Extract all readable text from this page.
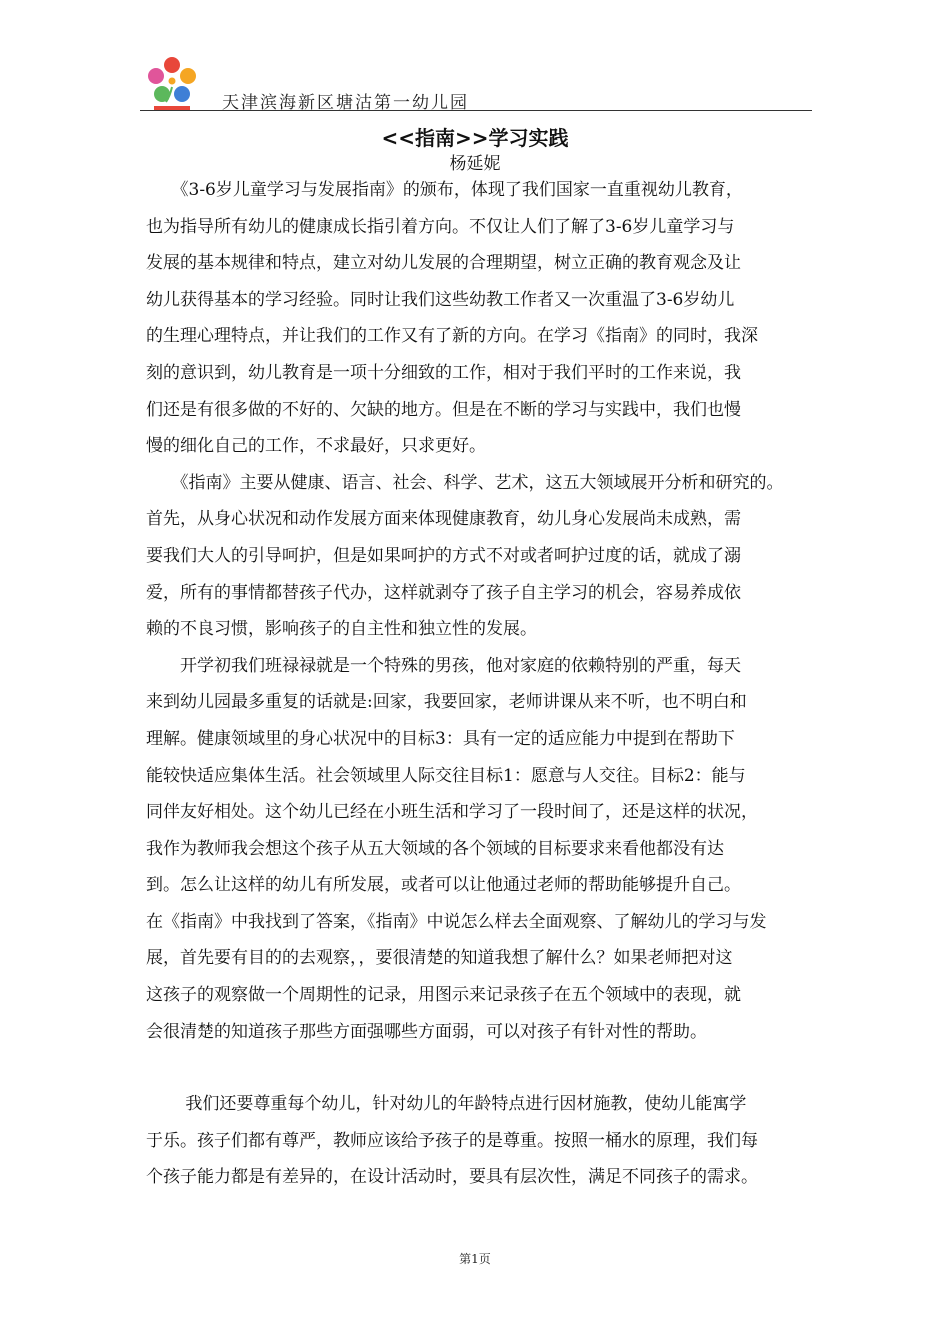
天津滨海新区塘沽第一幼儿园
<<指南>>学习实践
杨延妮
　　《3-6岁儿童学习与发展指南》的颁布，体现了我们国家一直重视幼儿教育，
也为指导所有幼儿的健康成长指引着方向。不仅让人们了解了3-6岁儿童学习与
发展的基本规律和特点，建立对幼儿发展的合理期望，树立正确的教育观念及让
幼儿获得基本的学习经验。同时让我们这些幼教工作者又一次重温了3-6岁幼儿
的生理心理特点，并让我们的工作又有了新的方向。在学习《指南》的同时，我深
刻的意识到，幼儿教育是一项十分细致的工作，相对于我们平时的工作来说，我
们还是有很多做的不好的、欠缺的地方。但是在不断的学习与实践中，我们也慢
慢的细化自己的工作，不求最好，只求更好。
　　《指南》主要从健康、语言、社会、科学、艺术，这五大领域展开分析和研究的。
首先，从身心状况和动作发展方面来体现健康教育，幼儿身心发展尚未成熟，需
要我们大人的引导呵护，但是如果呵护的方式不对或者呵护过度的话，就成了溺
爱，所有的事情都替孩子代办，这样就剥夺了孩子自主学习的机会，容易养成依
赖的不良习惯，影响孩子的自主性和独立性的发展。
　　开学初我们班禄禄就是一个特殊的男孩，他对家庭的依赖特别的严重，每天
来到幼儿园最多重复的话就是:回家，我要回家，老师讲课从来不听，也不明白和
理解。健康领域里的身心状况中的目标3：具有一定的适应能力中提到在帮助下
能较快适应集体生活。社会领域里人际交往目标1：愿意与人交往。目标2：能与
同伴友好相处。这个幼儿已经在小班生活和学习了一段时间了，还是这样的状况，
我作为教师我会想这个孩子从五大领域的各个领域的目标要求来看他都没有达
到。怎么让这样的幼儿有所发展，或者可以让他通过老师的帮助能够提升自己。
在《指南》中我找到了答案，《指南》中说怎么样去全面观察、了解幼儿的学习与发
展，首先要有目的的去观察，，要很清楚的知道我想了解什么？如果老师把对这
这孩子的观察做一个周期性的记录，用图示来记录孩子在五个领域中的表现，就
会很清楚的知道孩子那些方面强哪些方面弱，可以对孩子有针对性的帮助。
　　 我们还要尊重每个幼儿，针对幼儿的年龄特点进行因材施教，使幼儿能寓学
于乐。孩子们都有尊严，教师应该给予孩子的是尊重。按照一桶水的原理，我们每
个孩子能力都是有差异的，在设计活动时，要具有层次性，满足不同孩子的需求。
第1页
